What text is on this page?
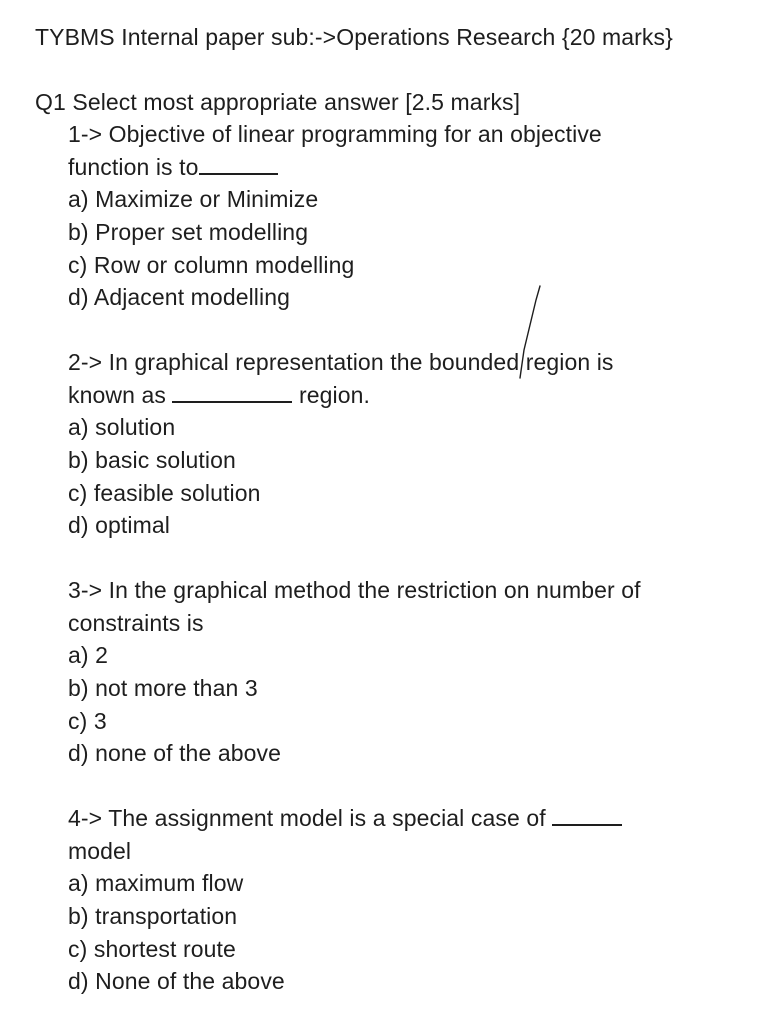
TYBMS Internal paper sub:->Operations Research {20 marks}
Q1 Select most appropriate answer [2.5 marks]
1-> Objective of linear programming for an objective
function is to
a) Maximize or Minimize
b) Proper set modelling
c) Row or column modelling
d) Adjacent modelling
2-> In graphical representation the bounded region is
known as	region.
a) solution
b) basic solution
c) feasible solution
d) optimal
3-> In the graphical method the restriction on number of
constraints is
a) 2
b) not more than 3
c) 3
d) none of the above
4-> The assignment model is a special case of
model
a) maximum flow
b) transportation
c) shortest route
d) None of the above
